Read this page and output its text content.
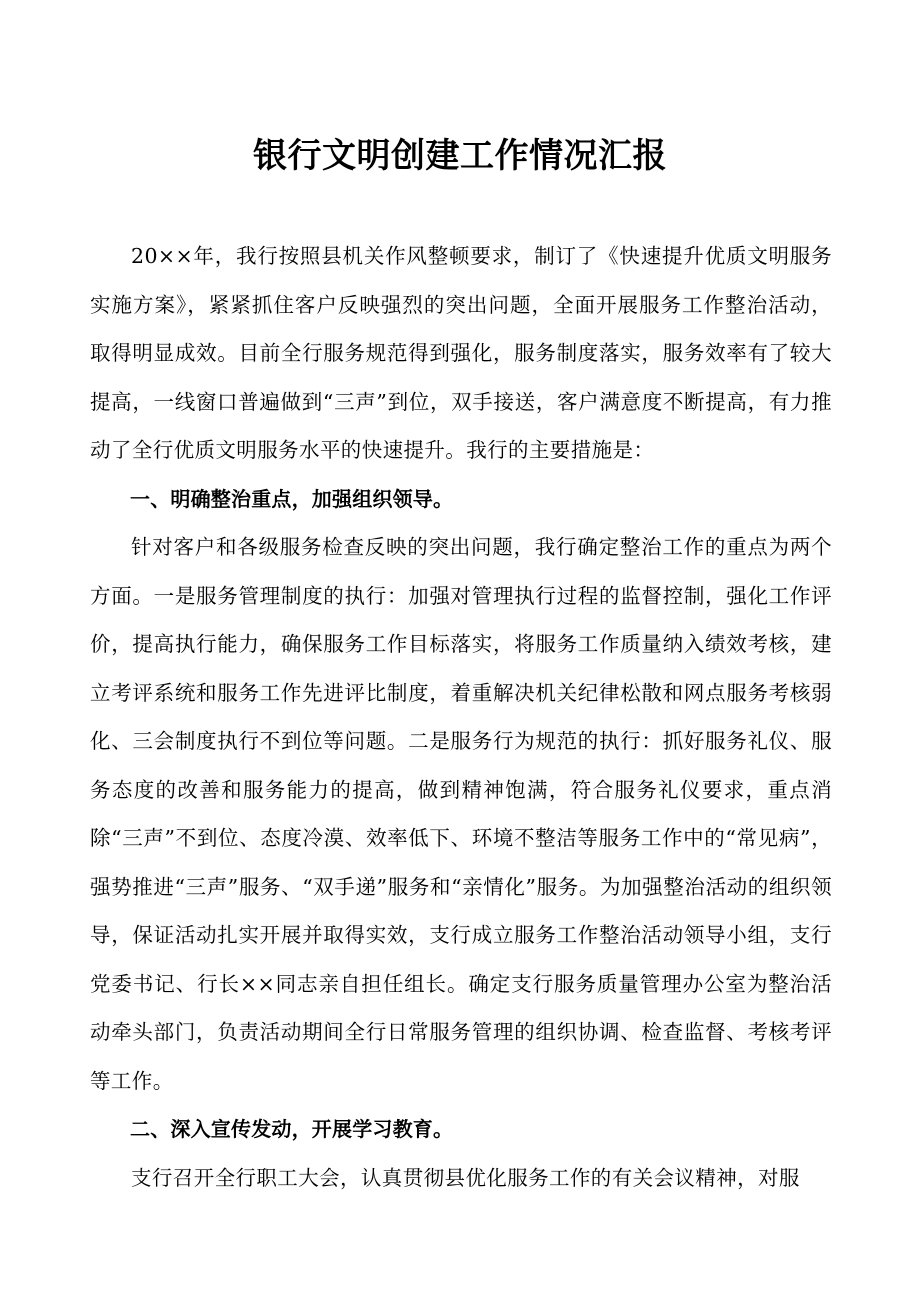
银行文明创建工作情况汇报

20××年，我行按照县机关作风整顿要求，制订了《快速提升优质文明服务实施方案》，紧紧抓住客户反映强烈的突出问题，全面开展服务工作整治活动，取得明显成效。目前全行服务规范得到强化，服务制度落实，服务效率有了较大提高，一线窗口普遍做到“三声”到位，双手接送，客户满意度不断提高，有力推动了全行优质文明服务水平的快速提升。我行的主要措施是：

一、明确整治重点，加强组织领导。

针对客户和各级服务检查反映的突出问题，我行确定整治工作的重点为两个方面。一是服务管理制度的执行：加强对管理执行过程的监督控制，强化工作评价，提高执行能力，确保服务工作目标落实，将服务工作质量纳入绩效考核，建立考评系统和服务工作先进评比制度，着重解决机关纪律松散和网点服务考核弱化、三会制度执行不到位等问题。二是服务行为规范的执行：抓好服务礼仪、服务态度的改善和服务能力的提高，做到精神饱满，符合服务礼仪要求，重点消除“三声”不到位、态度冷漠、效率低下、环境不整洁等服务工作中的“常见病”，强势推进“三声”服务、“双手递”服务和“亲情化”服务。为加强整治活动的组织领导，保证活动扎实开展并取得实效，支行成立服务工作整治活动领导小组，支行党委书记、行长××同志亲自担任组长。确定支行服务质量管理办公室为整治活动牵头部门，负责活动期间全行日常服务管理的组织协调、检查监督、考核考评等工作。

二、深入宣传发动，开展学习教育。

支行召开全行职工大会，认真贯彻县优化服务工作的有关会议精神，对服
